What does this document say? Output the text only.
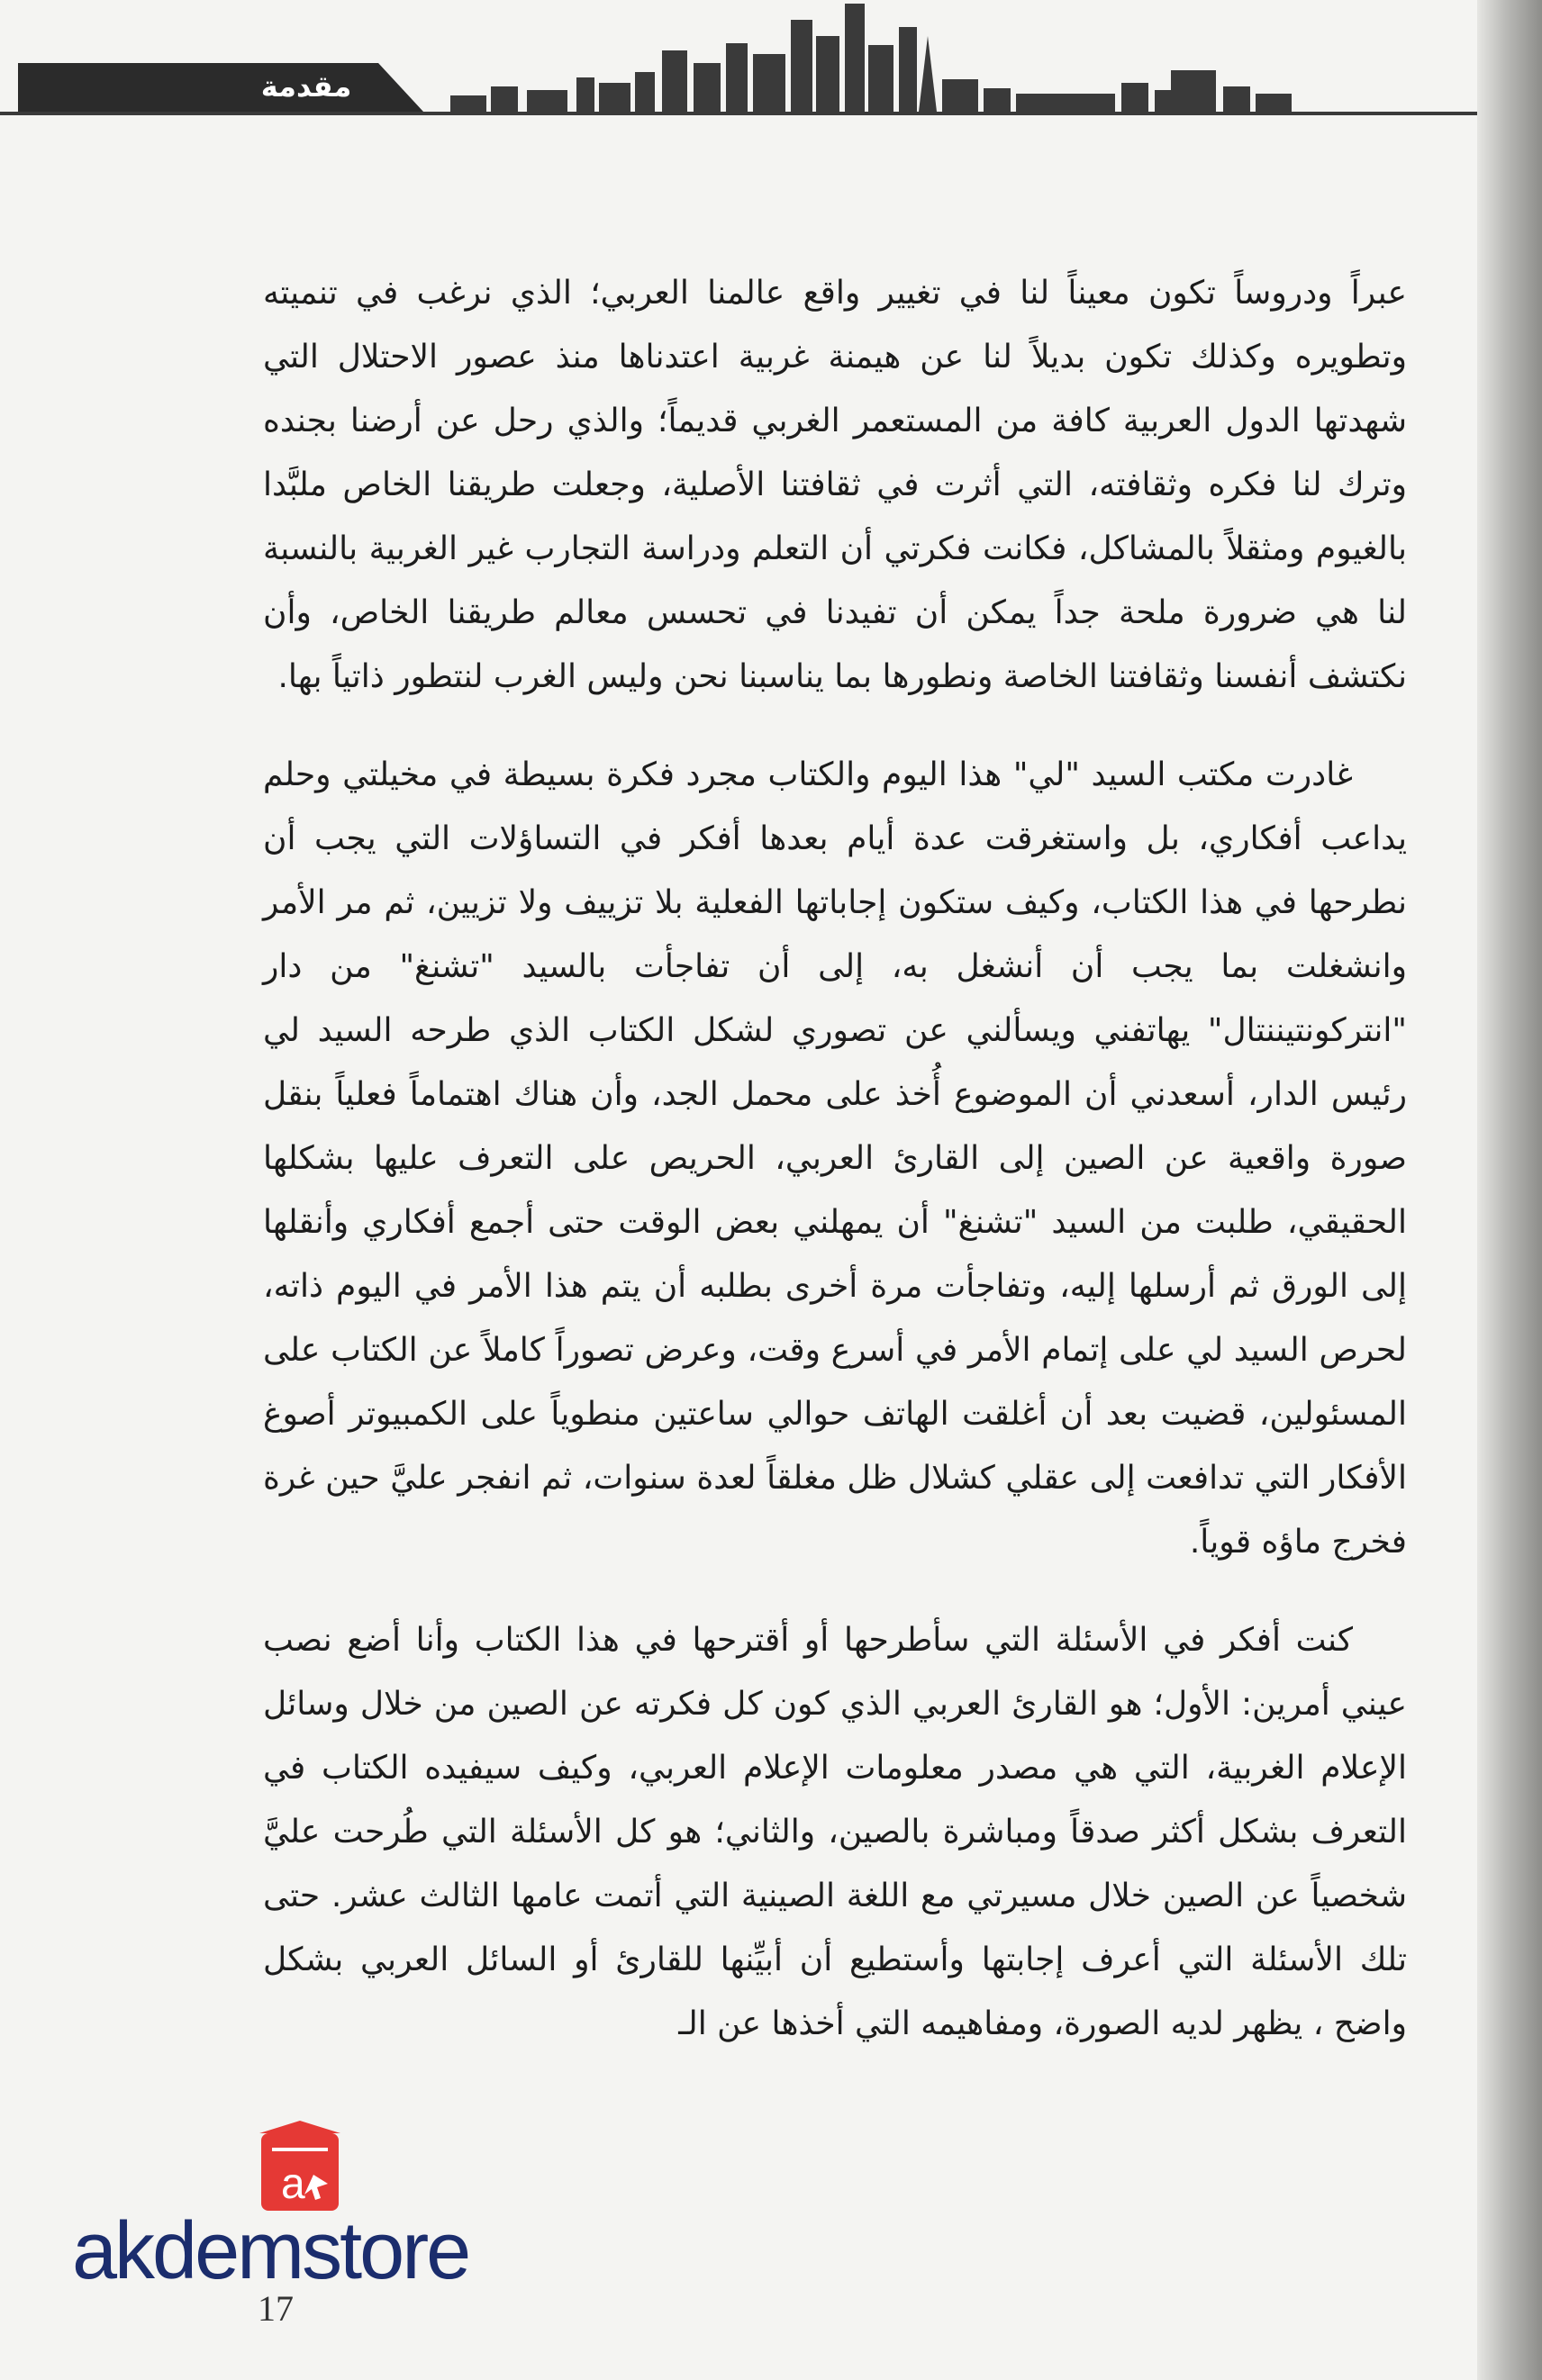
مقدمة

عبراً ودروساً تكون معيناً لنا في تغيير واقع عالمنا العربي؛ الذي نرغب في تنميته وتطويره وكذلك تكون بديلاً لنا عن هيمنة غربية اعتدناها منذ عصور الاحتلال التي شهدتها الدول العربية كافة من المستعمر الغربي قديماً؛ والذي رحل عن أرضنا بجنده وترك لنا فكره وثقافته، التي أثرت في ثقافتنا الأصلية، وجعلت طريقنا الخاص ملبَّدا بالغيوم ومثقلاً بالمشاكل، فكانت فكرتي أن التعلم ودراسة التجارب غير الغربية بالنسبة لنا هي ضرورة ملحة جداً يمكن أن تفيدنا في تحسس معالم طريقنا الخاص، وأن نكتشف أنفسنا وثقافتنا الخاصة ونطورها بما يناسبنا نحن وليس الغرب لنتطور ذاتياً بها.

غادرت مكتب السيد "لي" هذا اليوم والكتاب مجرد فكرة بسيطة في مخيلتي وحلم يداعب أفكاري، بل واستغرقت عدة أيام بعدها أفكر في التساؤلات التي يجب أن نطرحها في هذا الكتاب، وكيف ستكون إجاباتها الفعلية بلا تزييف ولا تزيين، ثم مر الأمر وانشغلت بما يجب أن أنشغل به، إلى أن تفاجأت بالسيد "تشنغ" من دار "انتركونتيننتال" يهاتفني ويسألني عن تصوري لشكل الكتاب الذي طرحه السيد لي رئيس الدار، أسعدني أن الموضوع أُخذ على محمل الجد، وأن هناك اهتماماً فعلياً بنقل صورة واقعية عن الصين إلى القارئ العربي، الحريص على التعرف عليها بشكلها الحقيقي، طلبت من السيد "تشنغ" أن يمهلني بعض الوقت حتى أجمع أفكاري وأنقلها إلى الورق ثم أرسلها إليه، وتفاجأت مرة أخرى بطلبه أن يتم هذا الأمر في اليوم ذاته، لحرص السيد لي على إتمام الأمر في أسرع وقت، وعرض تصوراً كاملاً عن الكتاب على المسئولين، قضيت بعد أن أغلقت الهاتف حوالي ساعتين منطوياً على الكمبيوتر أصوغ الأفكار التي تدافعت إلى عقلي كشلال ظل مغلقاً لعدة سنوات، ثم انفجر عليَّ حين غرة فخرج ماؤه قوياً.

كنت أفكر في الأسئلة التي سأطرحها أو أقترحها في هذا الكتاب وأنا أضع نصب عيني أمرين: الأول؛ هو القارئ العربي الذي كون كل فكرته عن الصين من خلال وسائل الإعلام الغربية، التي هي مصدر معلومات الإعلام العربي، وكيف سيفيده الكتاب في التعرف بشكل أكثر صدقاً ومباشرة بالصين، والثاني؛ هو كل الأسئلة التي طُرحت عليَّ شخصياً عن الصين خلال مسيرتي مع اللغة الصينية التي أتمت عامها الثالث عشر. حتى تلك الأسئلة التي أعرف إجابتها وأستطيع أن أبيِّنها للقارئ أو السائل العربي بشكل واضح ، يظهر لديه الصورة، ومفاهيمه التي أخذها عن الـ

a
akdemstore
17
